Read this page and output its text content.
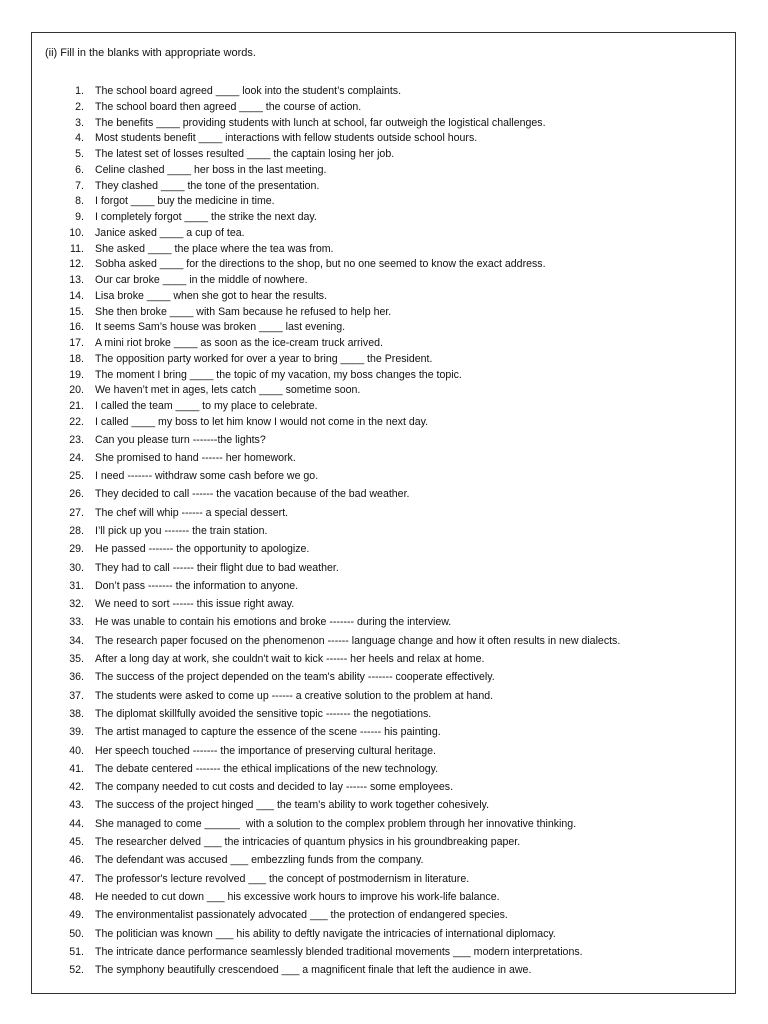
(ii) Fill in the blanks with appropriate words.
1. The school board agreed ____ look into the student’s complaints.
2. The school board then agreed ____ the course of action.
3. The benefits ____ providing students with lunch at school, far outweigh the logistical challenges.
4. Most students benefit ____ interactions with fellow students outside school hours.
5. The latest set of losses resulted ____ the captain losing her job.
6. Celine clashed ____ her boss in the last meeting.
7. They clashed ____ the tone of the presentation.
8. I forgot ____ buy the medicine in time.
9. I completely forgot ____ the strike the next day.
10. Janice asked ____ a cup of tea.
11. She asked ____ the place where the tea was from.
12. Sobha asked ____ for the directions to the shop, but no one seemed to know the exact address.
13. Our car broke ____ in the middle of nowhere.
14. Lisa broke ____ when she got to hear the results.
15. She then broke ____ with Sam because he refused to help her.
16. It seems Sam’s house was broken ____ last evening.
17. A mini riot broke ____ as soon as the ice-cream truck arrived.
18. The opposition party worked for over a year to bring ____ the President.
19. The moment I bring ____ the topic of my vacation, my boss changes the topic.
20. We haven’t met in ages, lets catch ____ sometime soon.
21. I called the team ____ to my place to celebrate.
22. I called ____ my boss to let him know I would not come in the next day.
23. Can you please turn -------the lights?
24. She promised to hand ------ her homework.
25. I need ------- withdraw some cash before we go.
26. They decided to call ------ the vacation because of the bad weather.
27. The chef will whip ------ a special dessert.
28. I’ll pick up you ------- the train station.
29. He passed ------- the opportunity to apologize.
30. They had to call ------ their flight due to bad weather.
31. Don’t pass ------- the information to anyone.
32. We need to sort ------ this issue right away.
33. He was unable to contain his emotions and broke ------- during the interview.
34. The research paper focused on the phenomenon ------ language change and how it often results in new dialects.
35. After a long day at work, she couldn't wait to kick ------ her heels and relax at home.
36. The success of the project depended on the team's ability ------- cooperate effectively.
37. The students were asked to come up ------ a creative solution to the problem at hand.
38. The diplomat skillfully avoided the sensitive topic ------- the negotiations.
39. The artist managed to capture the essence of the scene ------ his painting.
40. Her speech touched ------- the importance of preserving cultural heritage.
41. The debate centered ------- the ethical implications of the new technology.
42. The company needed to cut costs and decided to lay ------ some employees.
43. The success of the project hinged ___ the team's ability to work together cohesively.
44. She managed to come ______  with a solution to the complex problem through her innovative thinking.
45. The researcher delved ___ the intricacies of quantum physics in his groundbreaking paper.
46. The defendant was accused ___ embezzling funds from the company.
47. The professor's lecture revolved ___ the concept of postmodernism in literature.
48. He needed to cut down ___ his excessive work hours to improve his work-life balance.
49. The environmentalist passionately advocated ___ the protection of endangered species.
50. The politician was known ___ his ability to deftly navigate the intricacies of international diplomacy.
51. The intricate dance performance seamlessly blended traditional movements ___ modern interpretations.
52. The symphony beautifully crescendoed ___ a magnificent finale that left the audience in awe.
